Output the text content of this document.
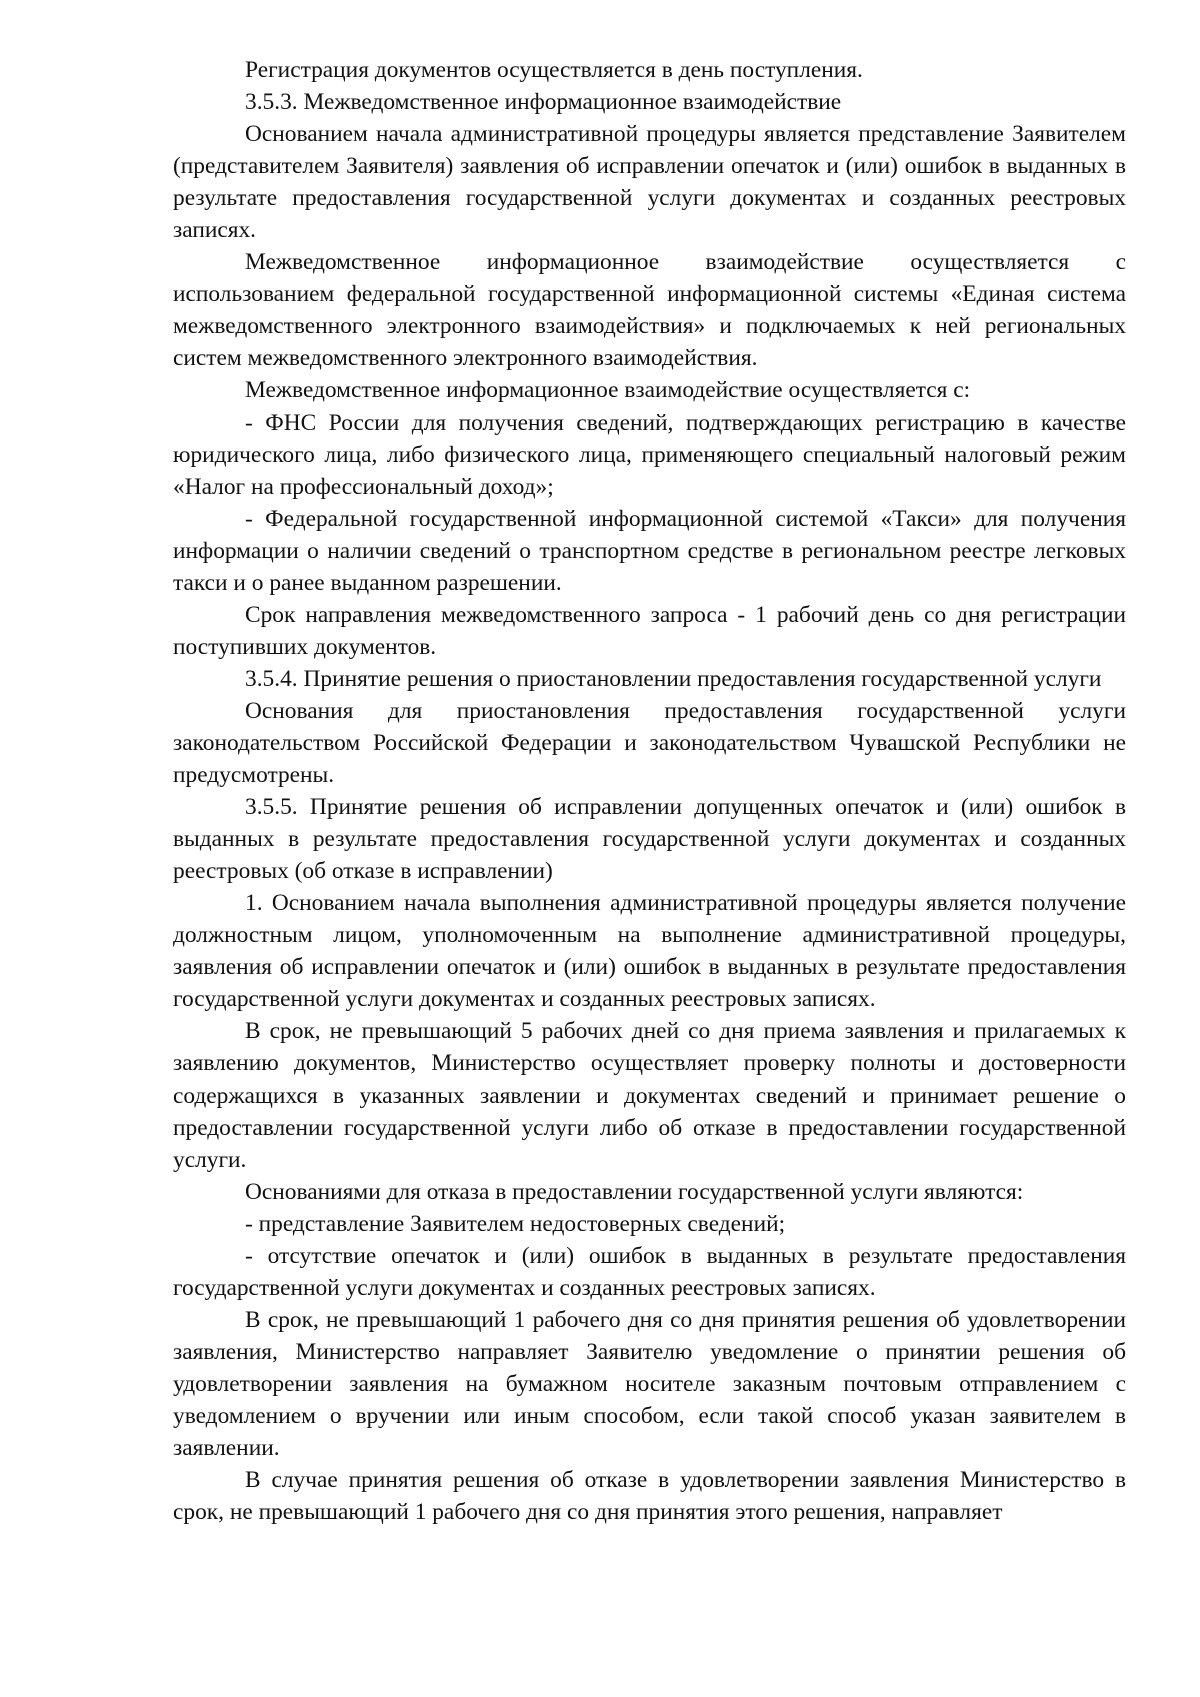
Регистрация документов осуществляется в день поступления.

3.5.3. Межведомственное информационное взаимодействие

Основанием начала административной процедуры является представление Заявителем (представителем Заявителя) заявления об исправлении опечаток и (или) ошибок в выданных в результате предоставления государственной услуги документах и созданных реестровых записях.

Межведомственное информационное взаимодействие осуществляется с использованием федеральной государственной информационной системы «Единая система межведомственного электронного взаимодействия» и подключаемых к ней региональных систем межведомственного электронного взаимодействия.

Межведомственное информационное взаимодействие осуществляется с:

- ФНС России для получения сведений, подтверждающих регистрацию в качестве юридического лица, либо физического лица, применяющего специальный налоговый режим «Налог на профессиональный доход»;

- Федеральной государственной информационной системой «Такси» для получения информации о наличии сведений о транспортном средстве в региональном реестре легковых такси и о ранее выданном разрешении.

Срок направления межведомственного запроса - 1 рабочий день со дня регистрации поступивших документов.

3.5.4. Принятие решения о приостановлении предоставления государственной услуги

Основания для приостановления предоставления государственной услуги законодательством Российской Федерации и законодательством Чувашской Республики не предусмотрены.

3.5.5. Принятие решения об исправлении допущенных опечаток и (или) ошибок в выданных в результате предоставления государственной услуги документах и созданных реестровых (об отказе в исправлении)

1. Основанием начала выполнения административной процедуры является получение должностным лицом, уполномоченным на выполнение административной процедуры, заявления об исправлении опечаток и (или) ошибок в выданных в результате предоставления государственной услуги документах и созданных реестровых записях.

В срок, не превышающий 5 рабочих дней со дня приема заявления и прилагаемых к заявлению документов, Министерство осуществляет проверку полноты и достоверности содержащихся в указанных заявлении и документах сведений и принимает решение о предоставлении государственной услуги либо об отказе в предоставлении государственной услуги.

Основаниями для отказа в предоставлении государственной услуги являются:

- представление Заявителем недостоверных сведений;

- отсутствие опечаток и (или) ошибок в выданных в результате предоставления государственной услуги документах и созданных реестровых записях.

В срок, не превышающий 1 рабочего дня со дня принятия решения об удовлетворении заявления, Министерство направляет Заявителю уведомление о принятии решения об удовлетворении заявления на бумажном носителе заказным почтовым отправлением с уведомлением о вручении или иным способом, если такой способ указан заявителем в заявлении.

В случае принятия решения об отказе в удовлетворении заявления Министерство в срок, не превышающий 1 рабочего дня со дня принятия этого решения, направляет
